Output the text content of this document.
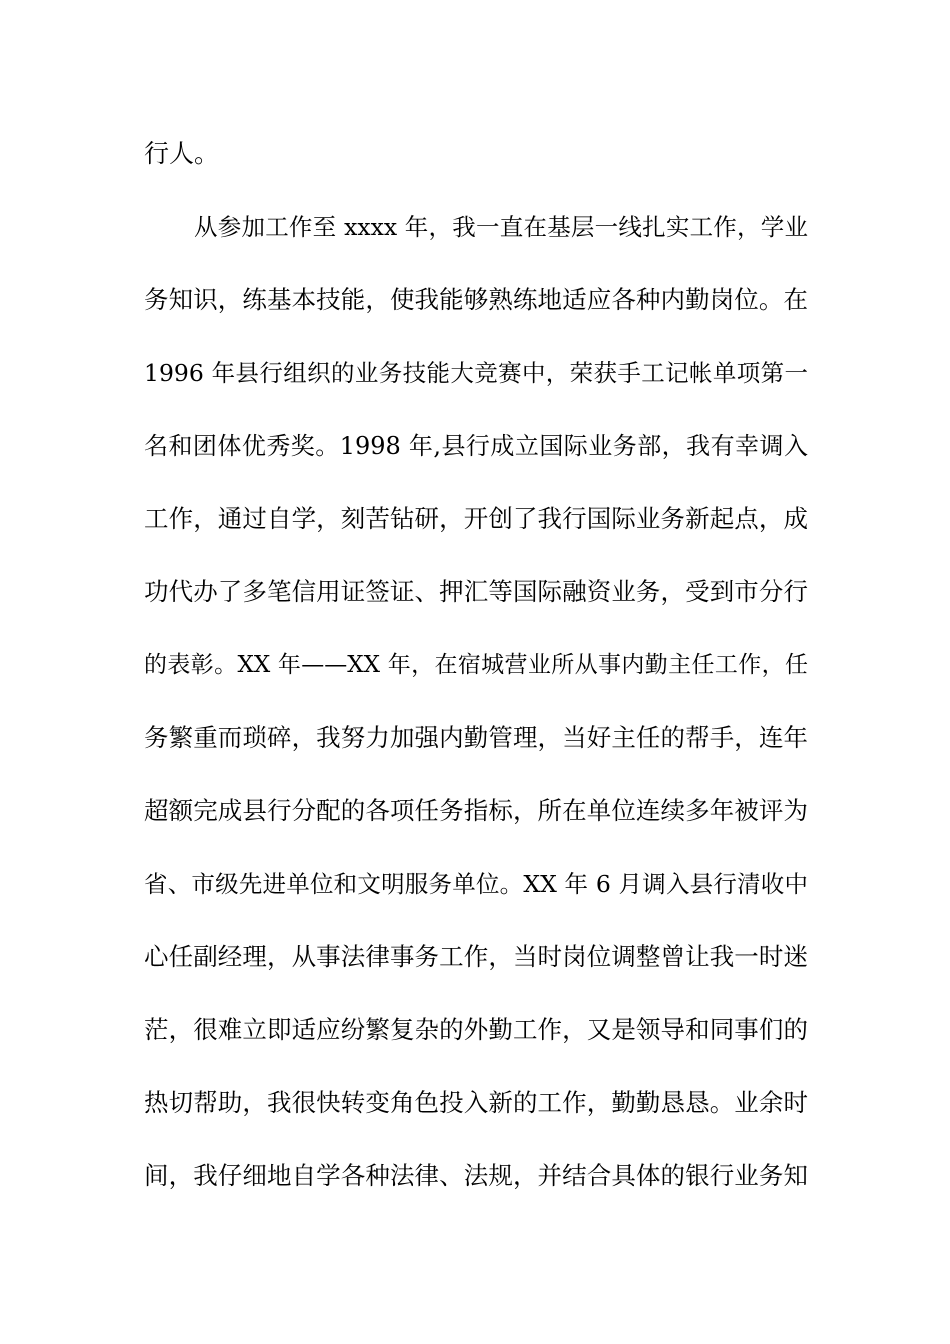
行人。
从参加工作至 xxxx 年，我一直在基层一线扎实工作，学业
务知识，练基本技能，使我能够熟练地适应各种内勤岗位。在
1996 年县行组织的业务技能大竞赛中，荣获手工记帐单项第一
名和团体优秀奖。1998 年,县行成立国际业务部，我有幸调入
工作，通过自学，刻苦钻研，开创了我行国际业务新起点，成
功代办了多笔信用证签证、押汇等国际融资业务，受到市分行
的表彰。XX 年——XX 年，在宿城营业所从事内勤主任工作，任
务繁重而琐碎，我努力加强内勤管理，当好主任的帮手，连年
超额完成县行分配的各项任务指标，所在单位连续多年被评为
省、市级先进单位和文明服务单位。XX 年 6 月调入县行清收中
心任副经理，从事法律事务工作，当时岗位调整曾让我一时迷
茫，很难立即适应纷繁复杂的外勤工作，又是领导和同事们的
热切帮助，我很快转变角色投入新的工作，勤勤恳恳。业余时
间，我仔细地自学各种法律、法规，并结合具体的银行业务知
